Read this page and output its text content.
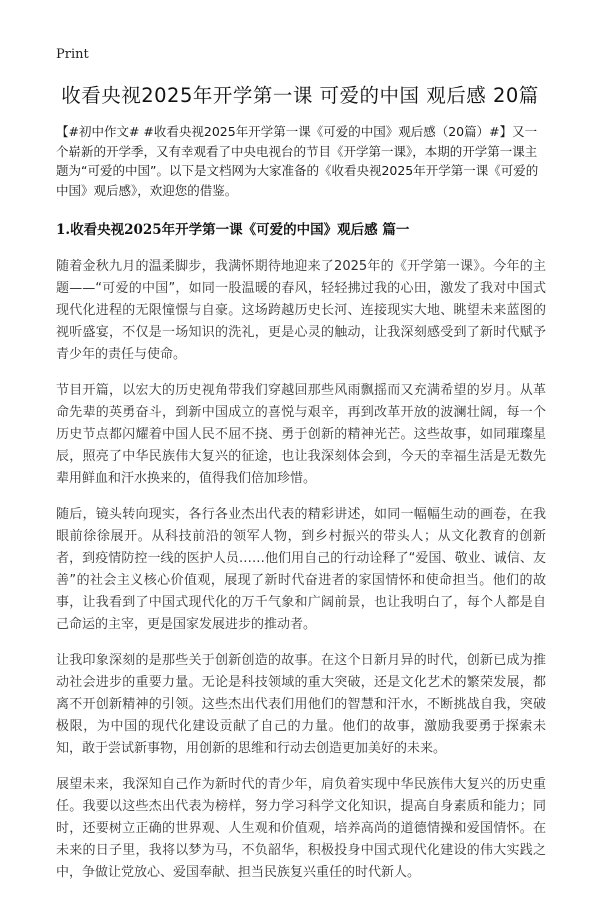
Print
收看央视2025年开学第一课 可爱的中国 观后感 20篇

【#初中作文# #收看央视2025年开学第一课《可爱的中国》观后感（20篇）#】又一个崭新的开学季，又有幸观看了中央电视台的节目《开学第一课》，本期的开学第一课主题为“可爱的中国”。以下是文档网为大家准备的《收看央视2025年开学第一课《可爱的中国》观后感》，欢迎您的借鉴。

1.收看央视2025年开学第一课《可爱的中国》观后感 篇一

随着金秋九月的温柔脚步，我满怀期待地迎来了2025年的《开学第一课》。今年的主题——“可爱的中国”，如同一股温暖的春风，轻轻拂过我的心田，激发了我对中国式现代化进程的无限憧憬与自豪。这场跨越历史长河、连接现实大地、眺望未来蓝图的视听盛宴，不仅是一场知识的洗礼，更是心灵的触动，让我深刻感受到了新时代赋予青少年的责任与使命。

节目开篇，以宏大的历史视角带我们穿越回那些风雨飘摇而又充满希望的岁月。从革命先辈的英勇奋斗，到新中国成立的喜悦与艰辛，再到改革开放的波澜壮阔，每一个历史节点都闪耀着中国人民不屈不挠、勇于创新的精神光芒。这些故事，如同璀璨星辰，照亮了中华民族伟大复兴的征途，也让我深刻体会到，今天的幸福生活是无数先辈用鲜血和汗水换来的，值得我们倍加珍惜。

随后，镜头转向现实，各行各业杰出代表的精彩讲述，如同一幅幅生动的画卷，在我眼前徐徐展开。从科技前沿的领军人物，到乡村振兴的带头人；从文化教育的创新者，到疫情防控一线的医护人员……他们用自己的行动诠释了“爱国、敬业、诚信、友善”的社会主义核心价值观，展现了新时代奋进者的家国情怀和使命担当。他们的故事，让我看到了中国式现代化的万千气象和广阔前景，也让我明白了，每个人都是自己命运的主宰，更是国家发展进步的推动者。

让我印象深刻的是那些关于创新创造的故事。在这个日新月异的时代，创新已成为推动社会进步的重要力量。无论是科技领域的重大突破，还是文化艺术的繁荣发展，都离不开创新精神的引领。这些杰出代表们用他们的智慧和汗水，不断挑战自我，突破极限，为中国的现代化建设贡献了自己的力量。他们的故事，激励我要勇于探索未知，敢于尝试新事物，用创新的思维和行动去创造更加美好的未来。

展望未来，我深知自己作为新时代的青少年，肩负着实现中华民族伟大复兴的历史重任。我要以这些杰出代表为榜样，努力学习科学文化知识，提高自身素质和能力；同时，还要树立正确的世界观、人生观和价值观，培养高尚的道德情操和爱国情怀。在未来的日子里，我将以梦为马，不负韶华，积极投身中国式现代化建设的伟大实践之中，争做让党放心、爱国奉献、担当民族复兴重任的时代新人。
